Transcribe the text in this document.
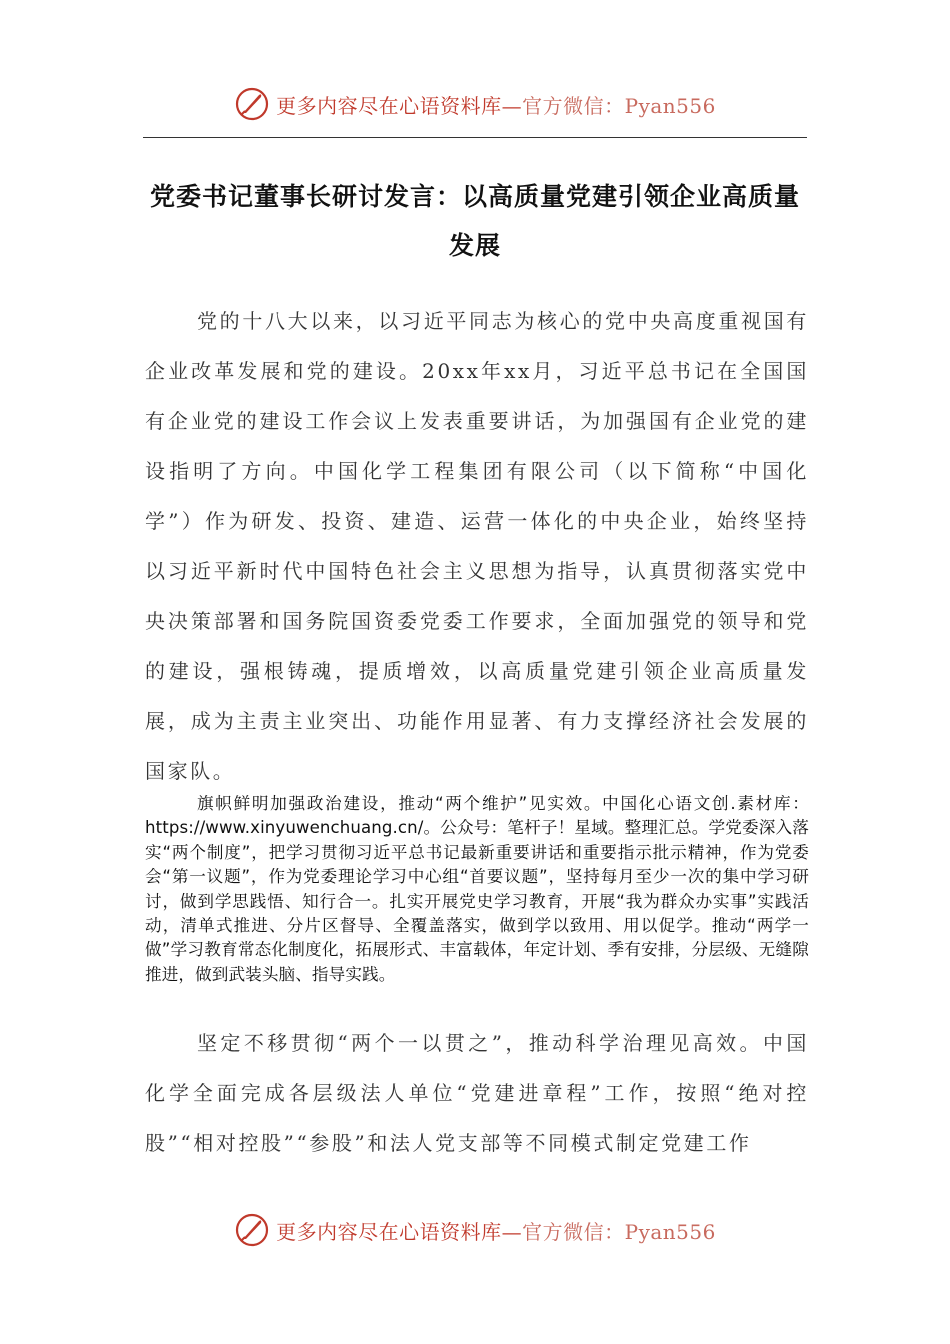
更多内容尽在心语资料库—官方微信：Pyan556
党委书记董事长研讨发言：以高质量党建引领企业高质量发展

党的十八大以来，以习近平同志为核心的党中央高度重视国有企业改革发展和党的建设。20xx年xx月，习近平总书记在全国国有企业党的建设工作会议上发表重要讲话，为加强国有企业党的建设指明了方向。中国化学工程集团有限公司（以下简称“中国化学”）作为研发、投资、建造、运营一体化的中央企业，始终坚持以习近平新时代中国特色社会主义思想为指导，认真贯彻落实党中央决策部署和国务院国资委党委工作要求，全面加强党的领导和党的建设，强根铸魂，提质增效，以高质量党建引领企业高质量发展，成为主责主业突出、功能作用显著、有力支撑经济社会发展的国家队。

旗帜鲜明加强政治建设，推动“两个维护”见实效。中国化心语文创.素材库：https://www.xinyuwenchuang.cn/。公众号：笔杆子！星域。整理汇总。学党委深入落实“两个制度”，把学习贯彻习近平总书记最新重要讲话和重要指示批示精神，作为党委会“第一议题”，作为党委理论学习中心组“首要议题”，坚持每月至少一次的集中学习研讨，做到学思践悟、知行合一。扎实开展党史学习教育，开展“我为群众办实事”实践活动，清单式推进、分片区督导、全覆盖落实，做到学以致用、用以促学。推动“两学一做”学习教育常态化制度化，拓展形式、丰富载体，年定计划、季有安排，分层级、无缝隙推进，做到武装头脑、指导实践。

坚定不移贯彻“两个一以贯之”，推动科学治理见高效。中国化学全面完成各层级法人单位“党建进章程”工作，按照“绝对控股”“相对控股”“参股”和法人党支部等不同模式制定党建工作

更多内容尽在心语资料库—官方微信：Pyan556
